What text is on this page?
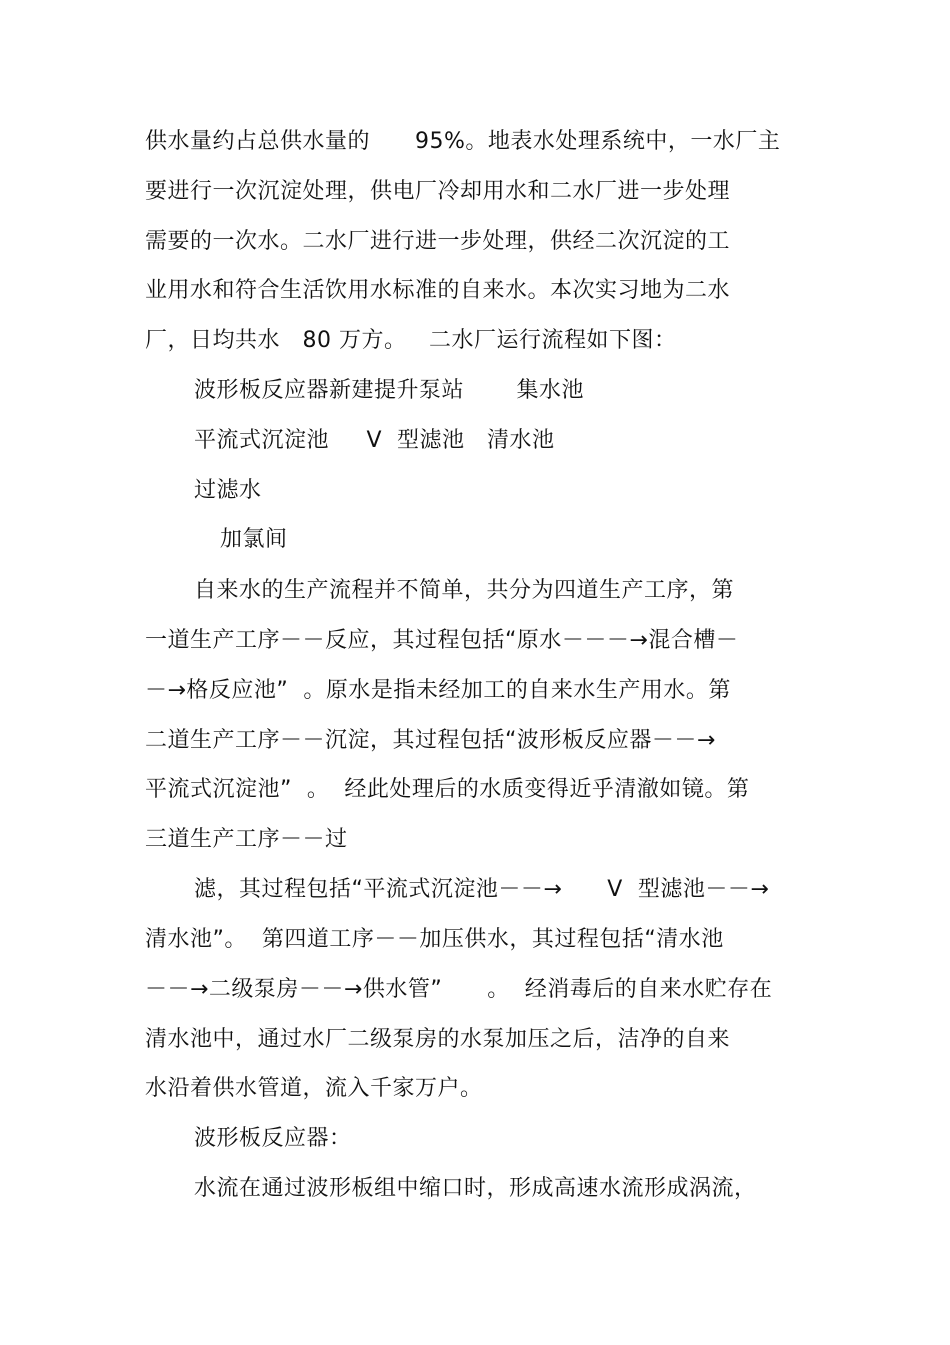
供水量约占总供水量的      95%。地表水处理系统中，一水厂主
要进行一次沉淀处理，供电厂冷却用水和二水厂进一步处理
需要的一次水。二水厂进行进一步处理，供经二次沉淀的工
业用水和符合生活饮用水标准的自来水。本次实习地为二水
厂，日均共水   80 万方。   二水厂运行流程如下图：
波形板反应器新建提升泵站       集水池
平流式沉淀池     V  型滤池   清水池
过滤水
加氯间
自来水的生产流程并不简单，共分为四道生产工序，第
一道生产工序－－反应，其过程包括“原水－－－→混合槽－
－→格反应池”  。原水是指未经加工的自来水生产用水。第
二道生产工序－－沉淀，其过程包括“波形板反应器－－→
平流式沉淀池”  。  经此处理后的水质变得近乎清澈如镜。第
三道生产工序－－过
滤，其过程包括“平流式沉淀池－－→      V  型滤池－－→
清水池”。  第四道工序－－加压供水，其过程包括“清水池
－－→二级泵房－－→供水管”      。  经消毒后的自来水贮存在
清水池中，通过水厂二级泵房的水泵加压之后，洁净的自来
水沿着供水管道，流入千家万户。
波形板反应器：
水流在通过波形板组中缩口时，形成高速水流形成涡流，
